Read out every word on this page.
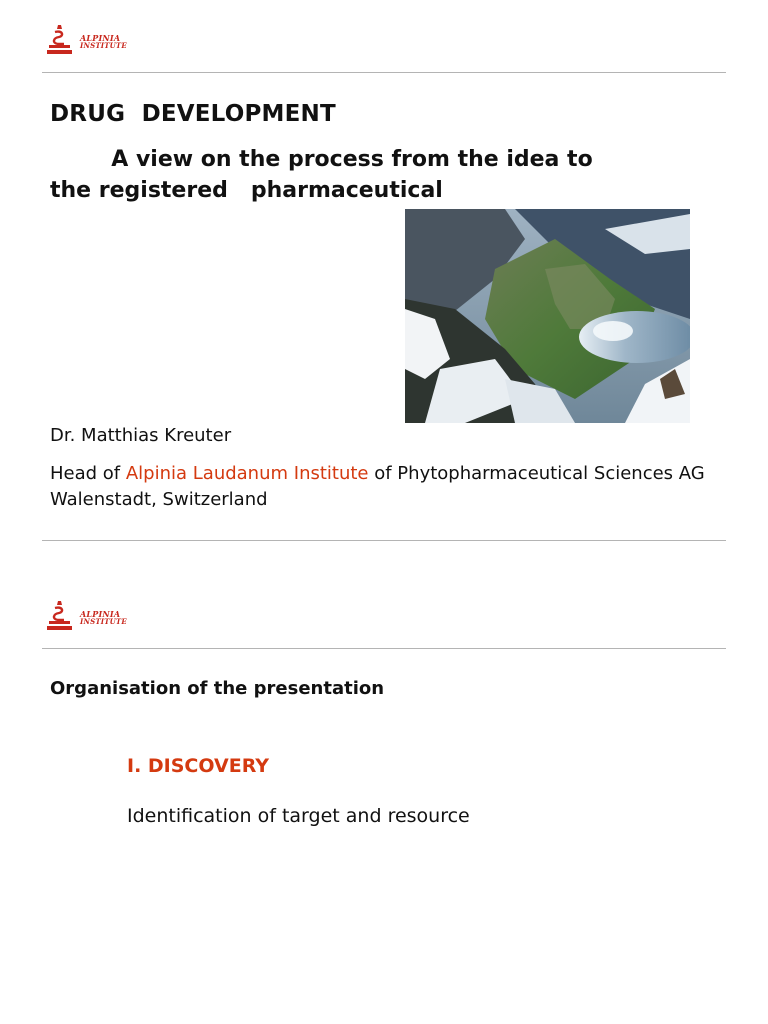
ALPINIA
INSTITUTE
DRUG  DEVELOPMENT
A view on the process from the idea to
the registered   pharmaceutical
Dr. Matthias Kreuter
Head of Alpinia Laudanum Institute of Phytopharmaceutical Sciences AG Walenstadt, Switzerland
ALPINIA
INSTITUTE
Organisation of the presentation
I. DISCOVERY
Identification of target and resource
